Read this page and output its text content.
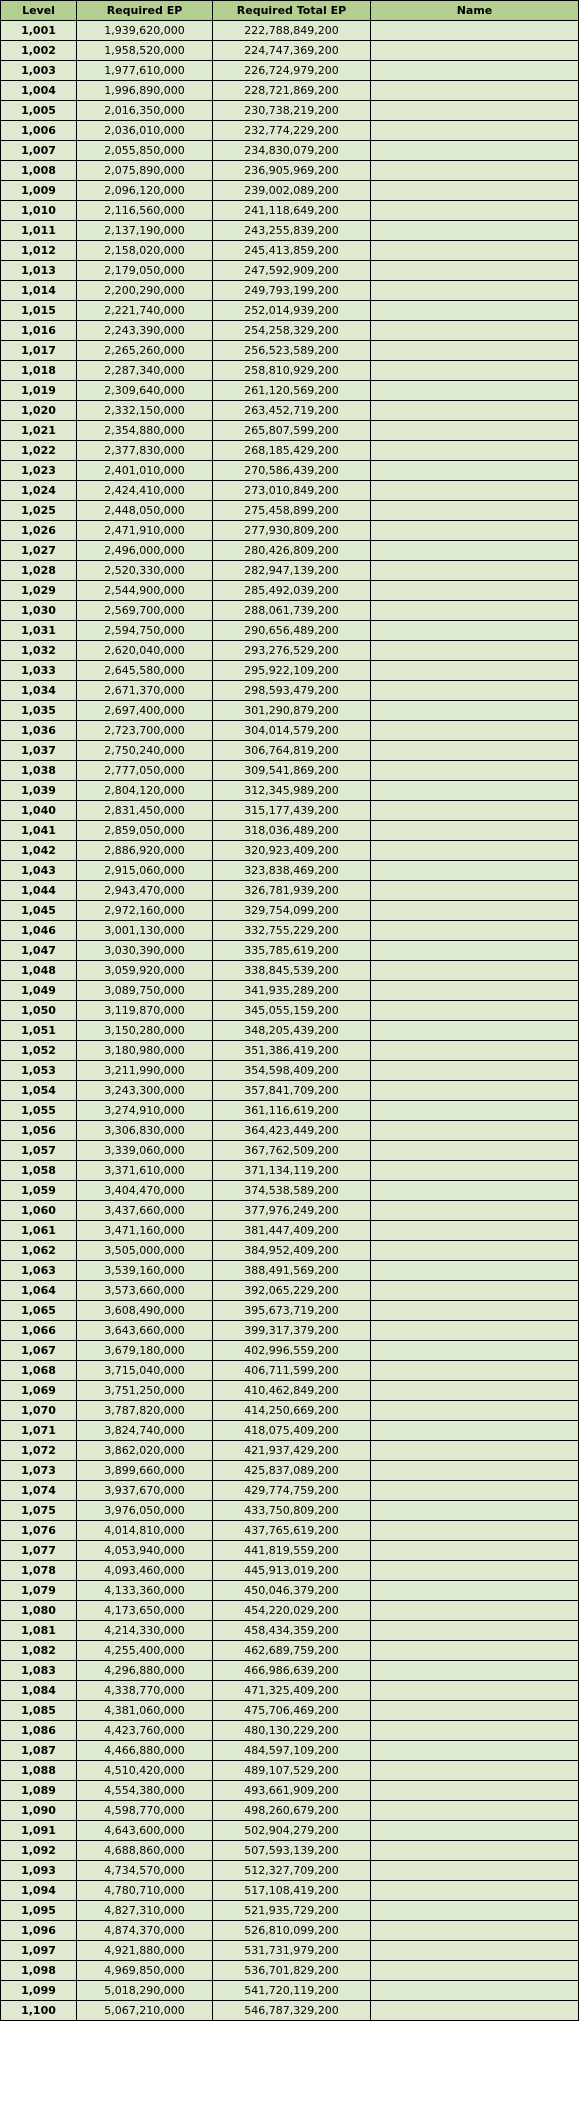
Level	Required EP	Required Total EP	Name
1,001	1,939,620,000	222,788,849,200	
1,002	1,958,520,000	224,747,369,200	
1,003	1,977,610,000	226,724,979,200	
1,004	1,996,890,000	228,721,869,200	
1,005	2,016,350,000	230,738,219,200	
1,006	2,036,010,000	232,774,229,200	
1,007	2,055,850,000	234,830,079,200	
1,008	2,075,890,000	236,905,969,200	
1,009	2,096,120,000	239,002,089,200	
1,010	2,116,560,000	241,118,649,200	
1,011	2,137,190,000	243,255,839,200	
1,012	2,158,020,000	245,413,859,200	
1,013	2,179,050,000	247,592,909,200	
1,014	2,200,290,000	249,793,199,200	
1,015	2,221,740,000	252,014,939,200	
1,016	2,243,390,000	254,258,329,200	
1,017	2,265,260,000	256,523,589,200	
1,018	2,287,340,000	258,810,929,200	
1,019	2,309,640,000	261,120,569,200	
1,020	2,332,150,000	263,452,719,200	
1,021	2,354,880,000	265,807,599,200	
1,022	2,377,830,000	268,185,429,200	
1,023	2,401,010,000	270,586,439,200	
1,024	2,424,410,000	273,010,849,200	
1,025	2,448,050,000	275,458,899,200	
1,026	2,471,910,000	277,930,809,200	
1,027	2,496,000,000	280,426,809,200	
1,028	2,520,330,000	282,947,139,200	
1,029	2,544,900,000	285,492,039,200	
1,030	2,569,700,000	288,061,739,200	
1,031	2,594,750,000	290,656,489,200	
1,032	2,620,040,000	293,276,529,200	
1,033	2,645,580,000	295,922,109,200	
1,034	2,671,370,000	298,593,479,200	
1,035	2,697,400,000	301,290,879,200	
1,036	2,723,700,000	304,014,579,200	
1,037	2,750,240,000	306,764,819,200	
1,038	2,777,050,000	309,541,869,200	
1,039	2,804,120,000	312,345,989,200	
1,040	2,831,450,000	315,177,439,200	
1,041	2,859,050,000	318,036,489,200	
1,042	2,886,920,000	320,923,409,200	
1,043	2,915,060,000	323,838,469,200	
1,044	2,943,470,000	326,781,939,200	
1,045	2,972,160,000	329,754,099,200	
1,046	3,001,130,000	332,755,229,200	
1,047	3,030,390,000	335,785,619,200	
1,048	3,059,920,000	338,845,539,200	
1,049	3,089,750,000	341,935,289,200	
1,050	3,119,870,000	345,055,159,200	
1,051	3,150,280,000	348,205,439,200	
1,052	3,180,980,000	351,386,419,200	
1,053	3,211,990,000	354,598,409,200	
1,054	3,243,300,000	357,841,709,200	
1,055	3,274,910,000	361,116,619,200	
1,056	3,306,830,000	364,423,449,200	
1,057	3,339,060,000	367,762,509,200	
1,058	3,371,610,000	371,134,119,200	
1,059	3,404,470,000	374,538,589,200	
1,060	3,437,660,000	377,976,249,200	
1,061	3,471,160,000	381,447,409,200	
1,062	3,505,000,000	384,952,409,200	
1,063	3,539,160,000	388,491,569,200	
1,064	3,573,660,000	392,065,229,200	
1,065	3,608,490,000	395,673,719,200	
1,066	3,643,660,000	399,317,379,200	
1,067	3,679,180,000	402,996,559,200	
1,068	3,715,040,000	406,711,599,200	
1,069	3,751,250,000	410,462,849,200	
1,070	3,787,820,000	414,250,669,200	
1,071	3,824,740,000	418,075,409,200	
1,072	3,862,020,000	421,937,429,200	
1,073	3,899,660,000	425,837,089,200	
1,074	3,937,670,000	429,774,759,200	
1,075	3,976,050,000	433,750,809,200	
1,076	4,014,810,000	437,765,619,200	
1,077	4,053,940,000	441,819,559,200	
1,078	4,093,460,000	445,913,019,200	
1,079	4,133,360,000	450,046,379,200	
1,080	4,173,650,000	454,220,029,200	
1,081	4,214,330,000	458,434,359,200	
1,082	4,255,400,000	462,689,759,200	
1,083	4,296,880,000	466,986,639,200	
1,084	4,338,770,000	471,325,409,200	
1,085	4,381,060,000	475,706,469,200	
1,086	4,423,760,000	480,130,229,200	
1,087	4,466,880,000	484,597,109,200	
1,088	4,510,420,000	489,107,529,200	
1,089	4,554,380,000	493,661,909,200	
1,090	4,598,770,000	498,260,679,200	
1,091	4,643,600,000	502,904,279,200	
1,092	4,688,860,000	507,593,139,200	
1,093	4,734,570,000	512,327,709,200	
1,094	4,780,710,000	517,108,419,200	
1,095	4,827,310,000	521,935,729,200	
1,096	4,874,370,000	526,810,099,200	
1,097	4,921,880,000	531,731,979,200	
1,098	4,969,850,000	536,701,829,200	
1,099	5,018,290,000	541,720,119,200	
1,100	5,067,210,000	546,787,329,200	
